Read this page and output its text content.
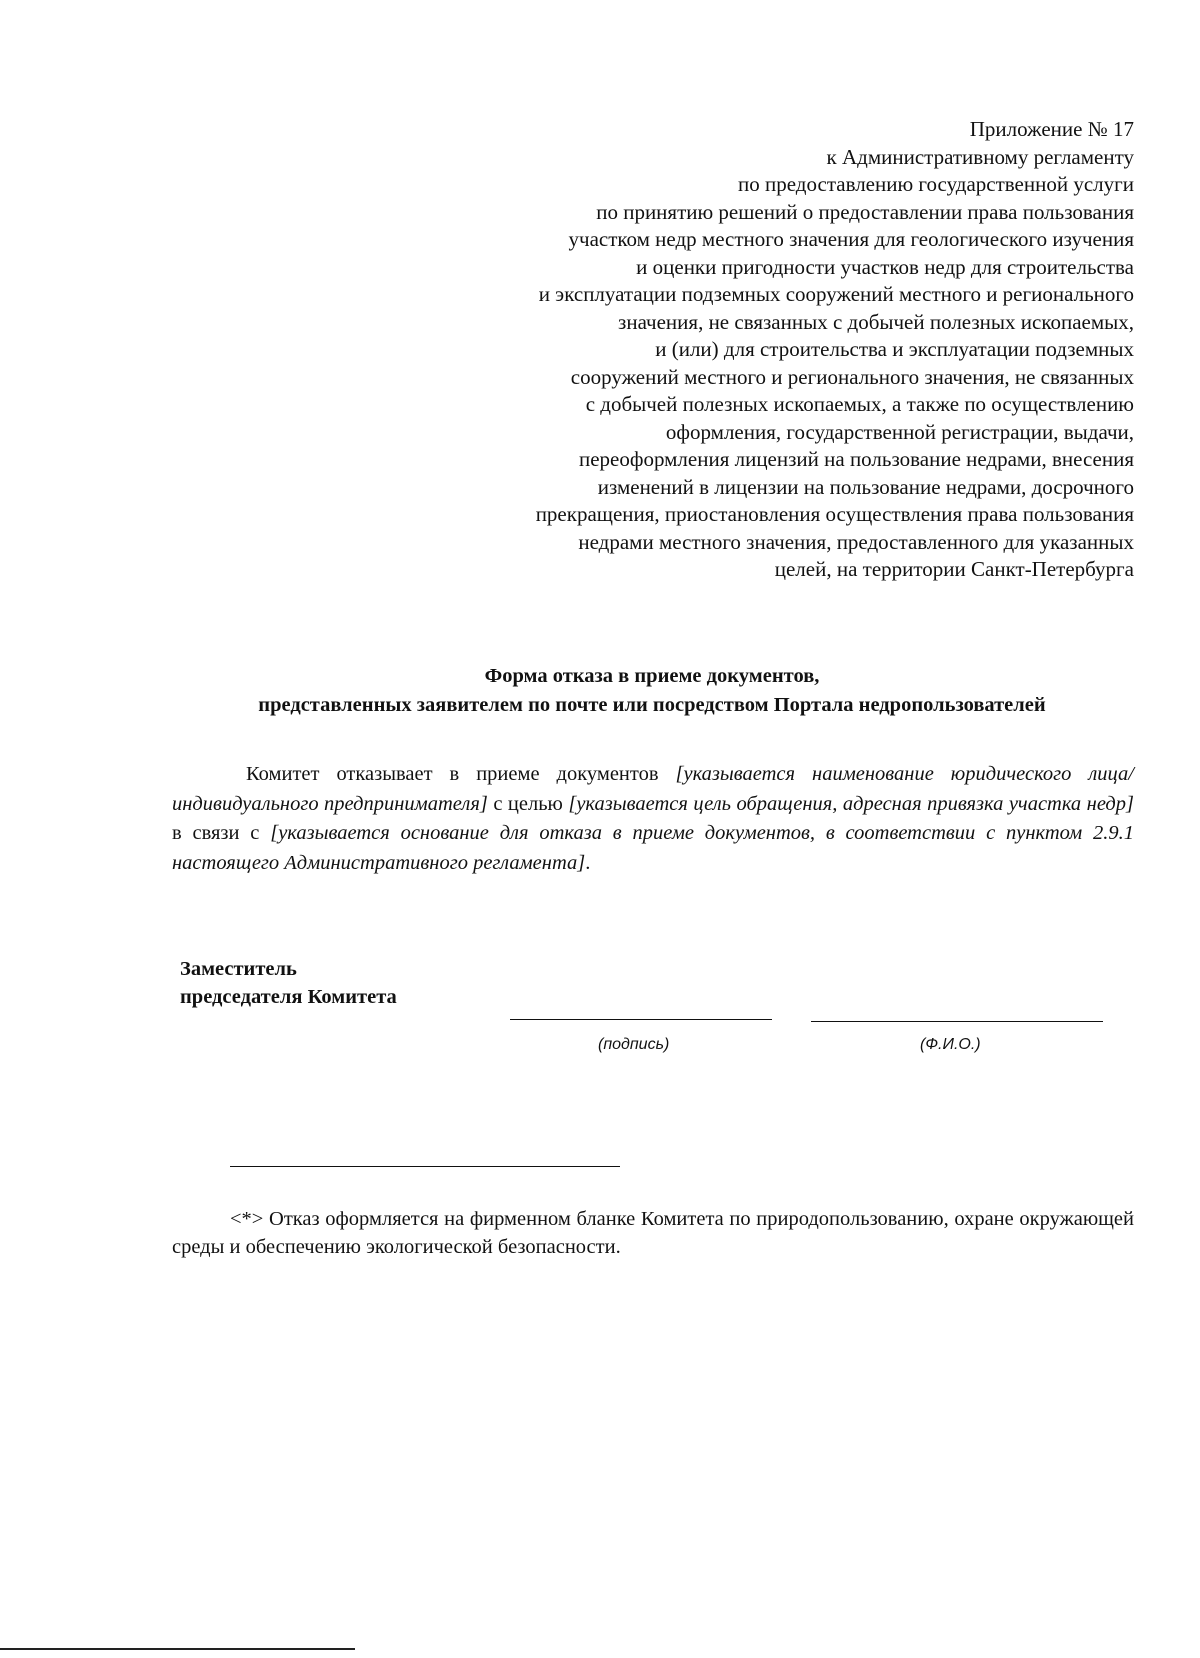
Приложение № 17
к Административному регламенту
по предоставлению государственной услуги
по принятию решений о предоставлении права пользования
участком недр местного значения для геологического изучения
и оценки пригодности участков недр для строительства
и эксплуатации подземных сооружений местного и регионального
значения, не связанных с добычей полезных ископаемых,
и (или) для строительства и эксплуатации подземных
сооружений местного и регионального значения, не связанных
с добычей полезных ископаемых, а также по осуществлению
оформления, государственной регистрации, выдачи,
переоформления лицензий на пользование недрами, внесения
изменений в лицензии на пользование недрами, досрочного
прекращения, приостановления осуществления права пользования
недрами местного значения, предоставленного для указанных
целей, на территории Санкт-Петербурга
Форма отказа в приеме документов,
представленных заявителем по почте или посредством Портала недропользователей

Комитет отказывает в приеме документов [указывается наименование юридического лица/индивидуального предпринимателя] с целью [указывается цель обращения, адресная привязка участка недр] в связи с [указывается основание для отказа в приеме документов, в соответствии с пунктом 2.9.1 настоящего Административного регламента].

Заместитель
председателя Комитета
(подпись)	(Ф.И.О.)

<*> Отказ оформляется на фирменном бланке Комитета по природопользованию, охране окружающей среды и обеспечению экологической безопасности.
